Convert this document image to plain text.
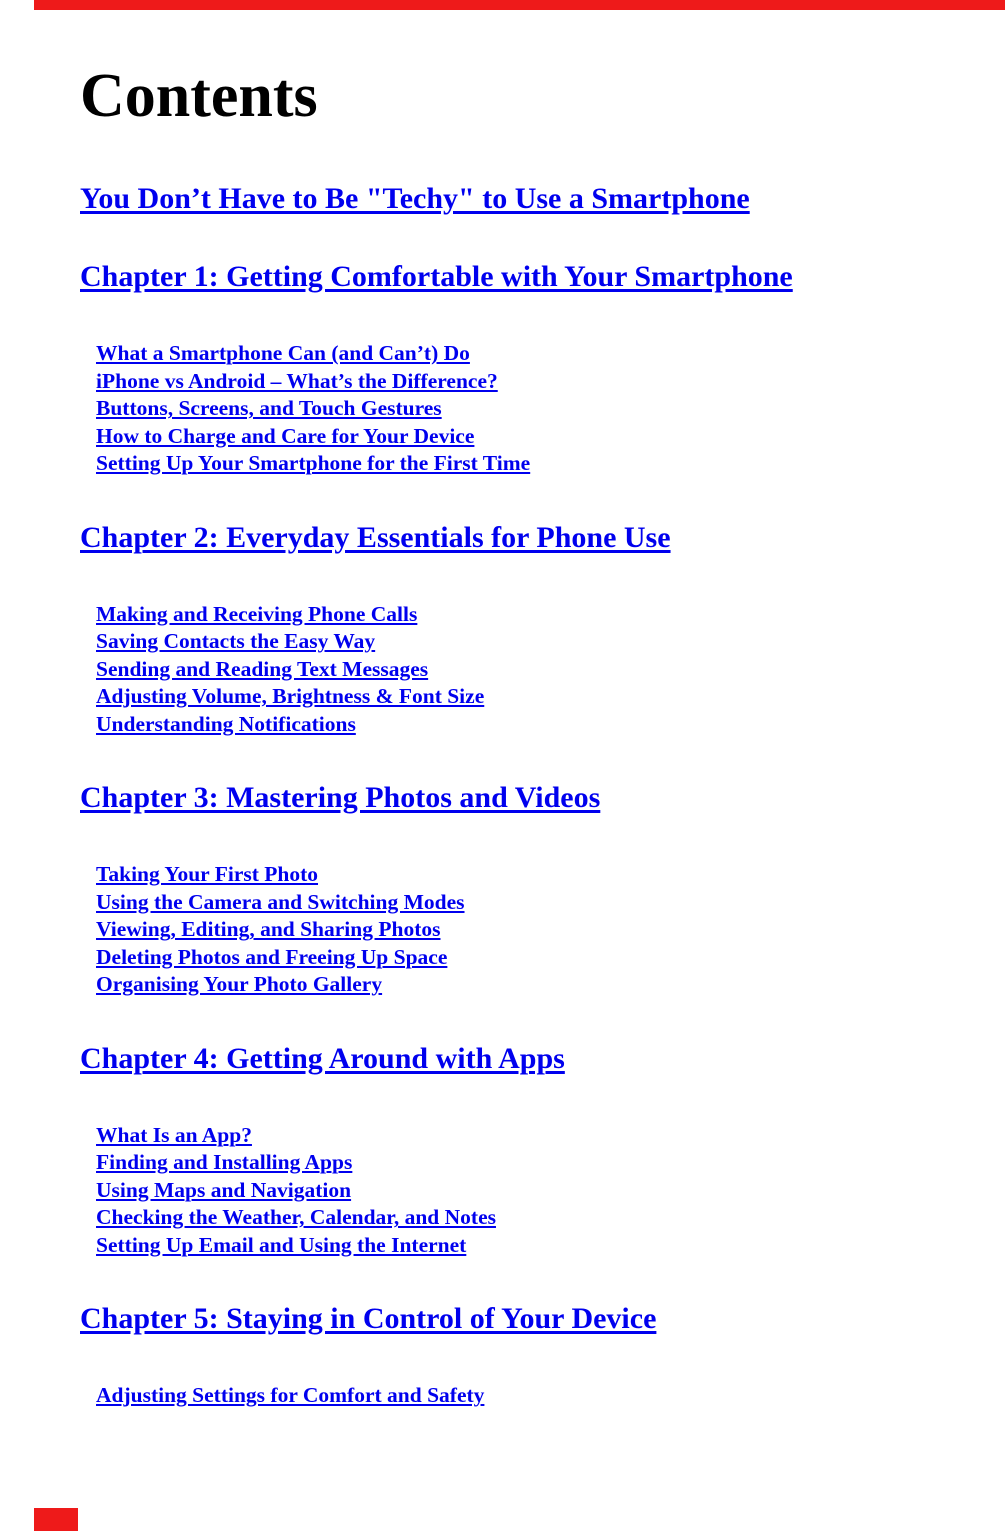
Contents
You Don’t Have to Be "Techy" to Use a Smartphone
Chapter 1: Getting Comfortable with Your Smartphone
What a Smartphone Can (and Can’t) Do
iPhone vs Android – What’s the Difference?
Buttons, Screens, and Touch Gestures
How to Charge and Care for Your Device
Setting Up Your Smartphone for the First Time
Chapter 2: Everyday Essentials for Phone Use
Making and Receiving Phone Calls
Saving Contacts the Easy Way
Sending and Reading Text Messages
Adjusting Volume, Brightness & Font Size
Understanding Notifications
Chapter 3: Mastering Photos and Videos
Taking Your First Photo
Using the Camera and Switching Modes
Viewing, Editing, and Sharing Photos
Deleting Photos and Freeing Up Space
Organising Your Photo Gallery
Chapter 4: Getting Around with Apps
What Is an App?
Finding and Installing Apps
Using Maps and Navigation
Checking the Weather, Calendar, and Notes
Setting Up Email and Using the Internet
Chapter 5: Staying in Control of Your Device
Adjusting Settings for Comfort and Safety
